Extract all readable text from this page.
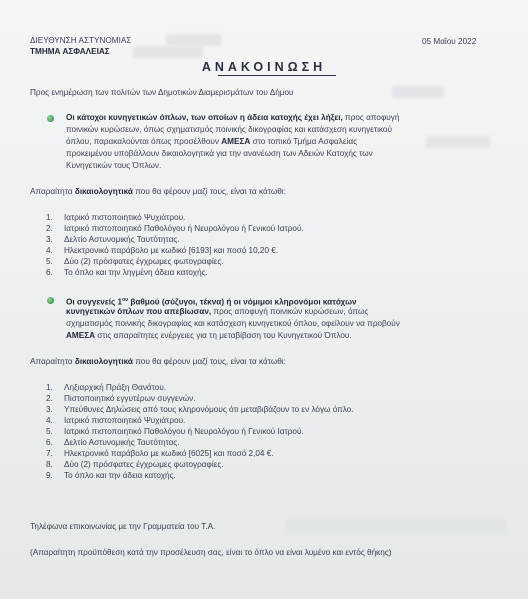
ΔΙΕΥΘΥΝΣΗ ΑΣΤΥΝΟΜΙΑΣ
ΤΜΗΜΑ ΑΣΦΑΛΕΙΑΣ
05 Μαΐου 2022
ΑΝΑΚΟΙΝΩΣΗ
Προς ενημέρωση των πολιτών των Δημοτικών Διαμερισμάτων του Δήμου
Οι κάτοχοι κυνηγετικών όπλων, των οποίων η άδεια κατοχής έχει λήξει, προς αποφυγή
ποινικών κυρώσεων, όπως σχηματισμός ποινικής δικογραφίας και κατάσχεση κυνηγετικού
όπλου, παρακαλούνται όπως προσέλθουν ΑΜΕΣΑ στο τοπικό Τμήμα Ασφαλείας
προκειμένου υποβάλλουν δικαιολογητικά για την ανανέωση των Αδειών Κατοχής των
Κυνηγετικών τους Όπλων.
Απαραίτητα δικαιολογητικά που θα φέρουν μαζί τους, είναι τα κάτωθι:
1. Ιατρικό πιστοποιητικό Ψυχιάτρου.
2. Ιατρικό πιστοποιητικό Παθολόγου ή Νευρολόγου ή Γενικού Ιατρού.
3. Δελτίο Αστυνομικής Ταυτότητας.
4. Ηλεκτρονικό παράβολο με κωδικό [6193] και ποσό 10,20 €.
5. Δύο (2) πρόσφατες έγχρωμες φωτογραφίες.
6. Το όπλο και την ληγμένη άδεια κατοχής.
Οι συγγενείς $1^{o\upsilon}$ βαθμού (σύζυγοι, τέκνα) ή οι νόμιμοι κληρονόμοι κατόχων
κυνηγετικών όπλων που απεβίωσαν, προς αποφυγή ποινικών κυρώσεων, όπως
σχηματισμός ποινικής δικογραφίας και κατάσχεση κυνηγετικού όπλου, οφείλουν να προβούν
ΑΜΕΣΑ στις απαραίτητες ενέργειες για τη μεταβίβαση του Κυνηγετικού Όπλου.
Απαραίτητα δικαιολογητικά που θα φέρουν μαζί τους, είναι τα κάτωθι:
1. Ληξιαρχική Πράξη Θανάτου.
2. Πιστοποιητικό εγγυτέρων συγγενών.
3. Υπεύθυνες Δηλώσεις από τους κληρονόμους ότι μεταβιβάζουν το εν λόγω όπλο.
4. Ιατρικό πιστοποιητικό Ψυχιάτρου.
5. Ιατρικό πιστοποιητικό Παθολόγου ή Νευρολόγου ή Γενικού Ιατρού.
6. Δελτίο Αστυνομικής Ταυτότητας.
7. Ηλεκτρονικό παράβολο με κωδικό [6025] και ποσό 2,04 €.
8. Δύο (2) πρόσφατες έγχρωμες φωτογραφίες.
9. Το όπλο και την άδεια κατοχής.
Τηλέφωνα επικοινωνίας με την Γραμματεία του Τ.Α.
(Απαραίτητη προϋπόθεση κατά την προσέλευση σας, είναι το όπλο να είναι λυμένο και εντός θήκης)
